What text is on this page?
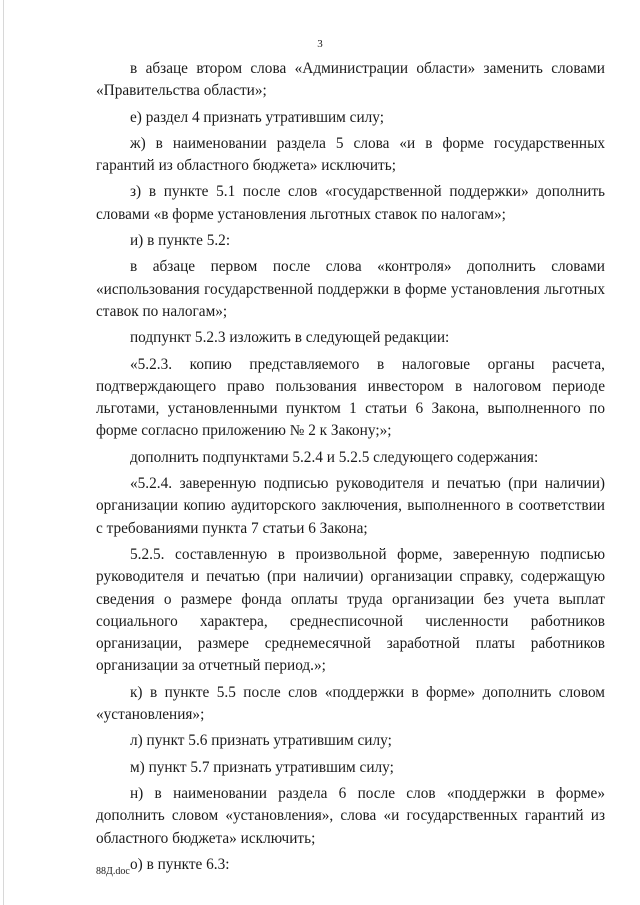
3

в абзаце втором слова «Администрации области» заменить словами «Правительства области»;

е) раздел 4 признать утратившим силу;

ж) в наименовании раздела 5 слова «и в форме государственных гарантий из областного бюджета» исключить;

з) в пункте 5.1 после слов «государственной поддержки» дополнить словами «в форме установления льготных ставок по налогам»;

и) в пункте 5.2:

в абзаце первом после слова «контроля» дополнить словами «использования государственной поддержки в форме установления льготных ставок по налогам»;

подпункт 5.2.3 изложить в следующей редакции:

«5.2.3. копию представляемого в налоговые органы расчета, подтверждающего право пользования инвестором в налоговом периоде льготами, установленными пунктом 1 статьи 6 Закона, выполненного по форме согласно приложению № 2 к Закону;»;

дополнить подпунктами 5.2.4 и 5.2.5 следующего содержания:

«5.2.4. заверенную подписью руководителя и печатью (при наличии) организации копию аудиторского заключения, выполненного в соответствии с требованиями пункта 7 статьи 6 Закона;

5.2.5. составленную в произвольной форме, заверенную подписью руководителя и печатью (при наличии) организации справку, содержащую сведения о размере фонда оплаты труда организации без учета выплат социального характера, среднесписочной численности работников организации, размере среднемесячной заработной платы работников организации за отчетный период.»;

к) в пункте 5.5 после слов «поддержки в форме» дополнить словом «установления»;

л) пункт 5.6 признать утратившим силу;

м) пункт 5.7 признать утратившим силу;

н) в наименовании раздела 6 после слов «поддержки в форме» дополнить словом «установления», слова «и государственных гарантий из областного бюджета» исключить;

о) в пункте 6.3:

88Д.doc
